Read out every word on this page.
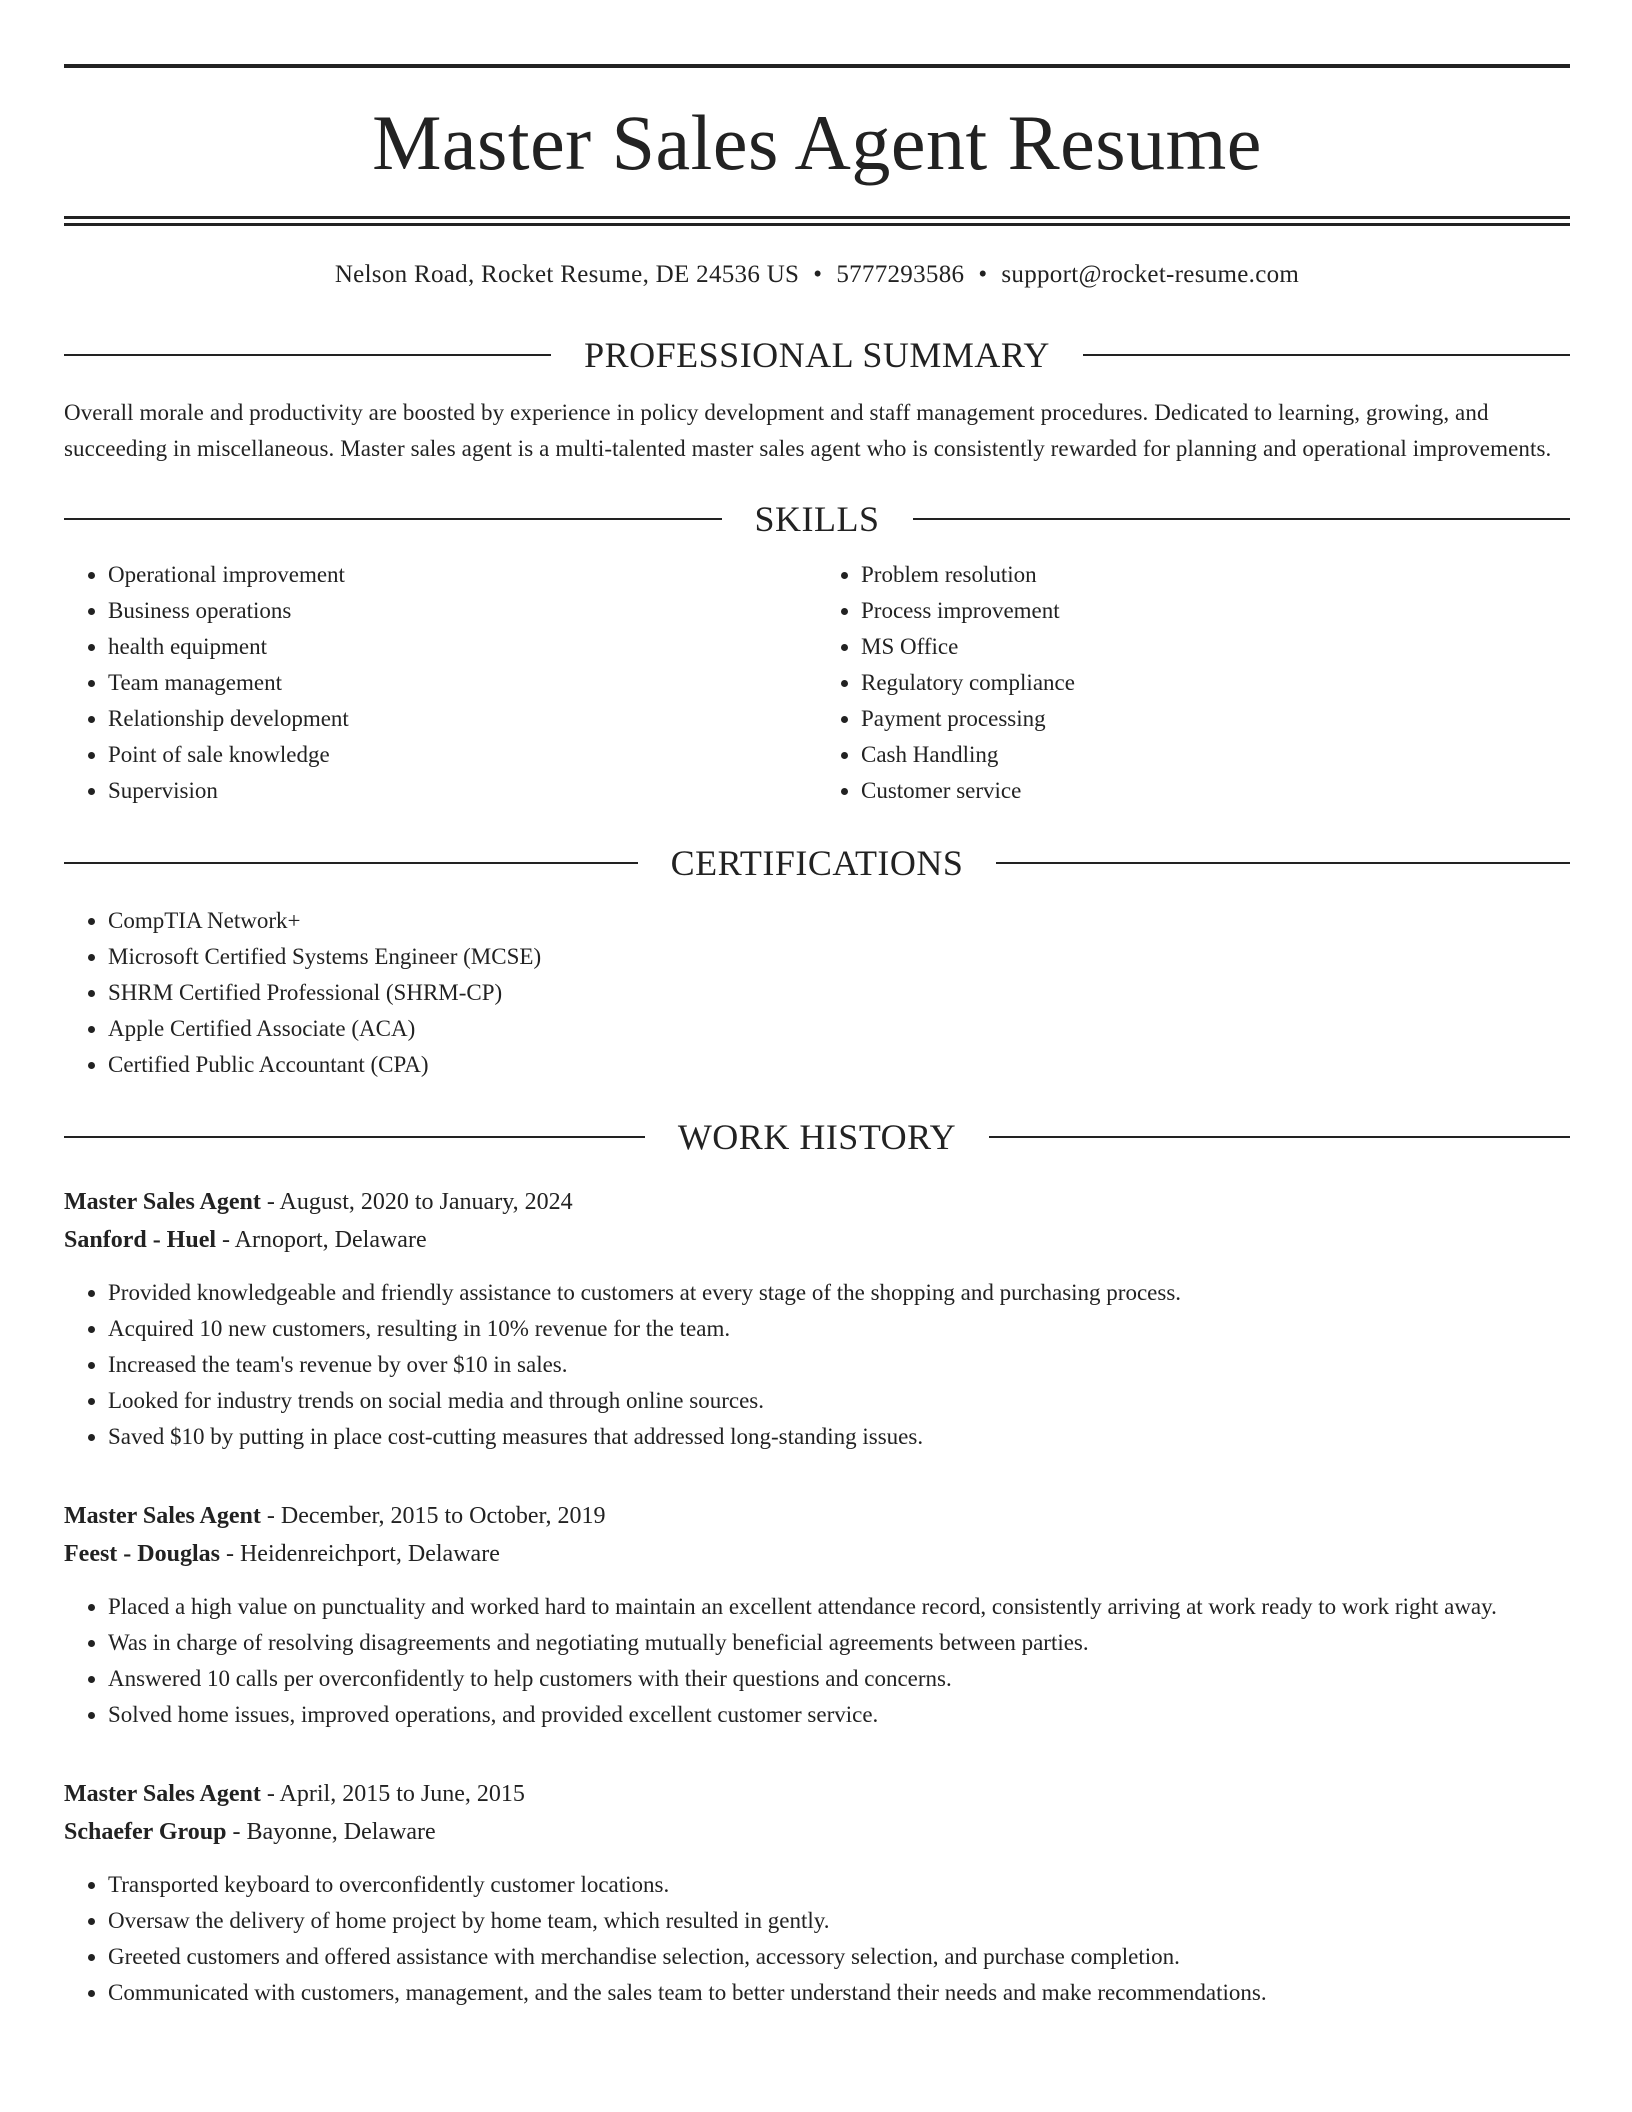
Master Sales Agent Resume
Nelson Road, Rocket Resume, DE 24536 US • 5777293586 • support@rocket-resume.com
PROFESSIONAL SUMMARY
Overall morale and productivity are boosted by experience in policy development and staff management procedures. Dedicated to learning, growing, and succeeding in miscellaneous. Master sales agent is a multi-talented master sales agent who is consistently rewarded for planning and operational improvements.
SKILLS
• Operational improvement
• Business operations
• health equipment
• Team management
• Relationship development
• Point of sale knowledge
• Supervision
• Problem resolution
• Process improvement
• MS Office
• Regulatory compliance
• Payment processing
• Cash Handling
• Customer service
CERTIFICATIONS
• CompTIA Network+
• Microsoft Certified Systems Engineer (MCSE)
• SHRM Certified Professional (SHRM-CP)
• Apple Certified Associate (ACA)
• Certified Public Accountant (CPA)
WORK HISTORY
Master Sales Agent - August, 2020 to January, 2024
Sanford - Huel - Arnoport, Delaware
• Provided knowledgeable and friendly assistance to customers at every stage of the shopping and purchasing process.
• Acquired 10 new customers, resulting in 10% revenue for the team.
• Increased the team's revenue by over $10 in sales.
• Looked for industry trends on social media and through online sources.
• Saved $10 by putting in place cost-cutting measures that addressed long-standing issues.
Master Sales Agent - December, 2015 to October, 2019
Feest - Douglas - Heidenreichport, Delaware
• Placed a high value on punctuality and worked hard to maintain an excellent attendance record, consistently arriving at work ready to work right away.
• Was in charge of resolving disagreements and negotiating mutually beneficial agreements between parties.
• Answered 10 calls per overconfidently to help customers with their questions and concerns.
• Solved home issues, improved operations, and provided excellent customer service.
Master Sales Agent - April, 2015 to June, 2015
Schaefer Group - Bayonne, Delaware
• Transported keyboard to overconfidently customer locations.
• Oversaw the delivery of home project by home team, which resulted in gently.
• Greeted customers and offered assistance with merchandise selection, accessory selection, and purchase completion.
• Communicated with customers, management, and the sales team to better understand their needs and make recommendations.
